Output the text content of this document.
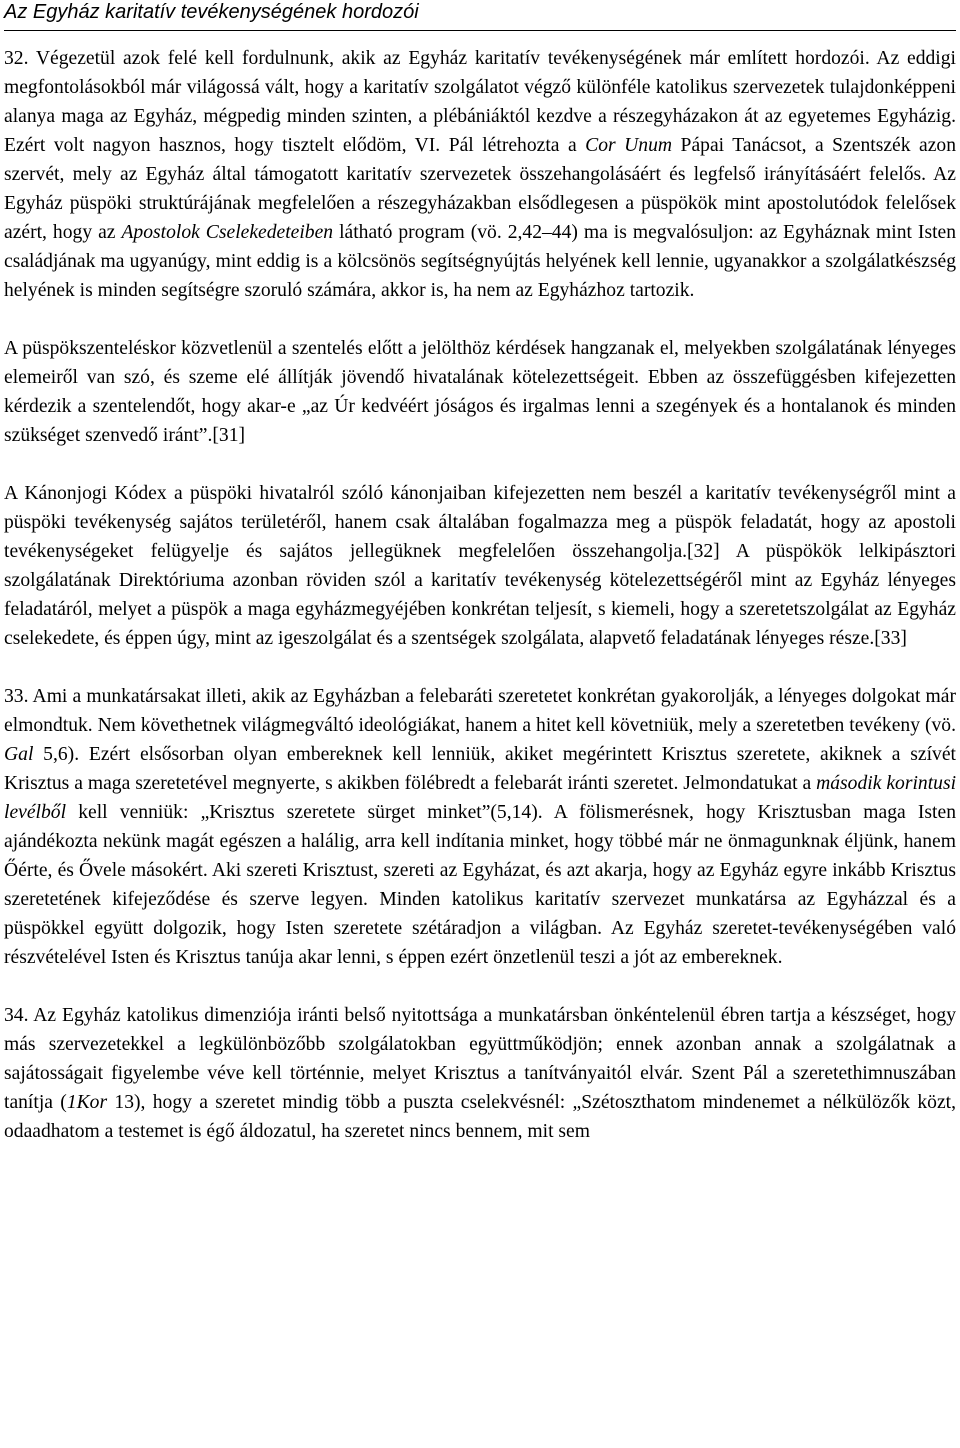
Az Egyház karitatív tevékenységének hordozói

32. Végezetül azok felé kell fordulnunk, akik az Egyház karitatív tevékenységének már említett hordozói. Az eddigi megfontolásokból már világossá vált, hogy a karitatív szolgálatot végző különféle katolikus szervezetek tulajdonképpeni alanya maga az Egyház, mégpedig minden szinten, a plébániáktól kezdve a részegyházakon át az egyetemes Egyházig. Ezért volt nagyon hasznos, hogy tisztelt elődöm, VI. Pál létrehozta a Cor Unum Pápai Tanácsot, a Szentszék azon szervét, mely az Egyház által támogatott karitatív szervezetek összehangolásáért és legfelső irányításáért felelős. Az Egyház püspöki struktúrájának megfelelően a részegyházakban elsődlegesen a püspökök mint apostolutódok felelősek azért, hogy az Apostolok Cselekedeteiben látható program (vö. 2,42–44) ma is megvalósuljon: az Egyháznak mint Isten családjának ma ugyanúgy, mint eddig is a kölcsönös segítségnyújtás helyének kell lennie, ugyanakkor a szolgálatkészség helyének is minden segítségre szoruló számára, akkor is, ha nem az Egyházhoz tartozik.

A püspökszenteléskor közvetlenül a szentelés előtt a jelölthöz kérdések hangzanak el, melyekben szolgálatának lényeges elemeiről van szó, és szeme elé állítják jövendő hivatalának kötelezettségeit. Ebben az összefüggésben kifejezetten kérdezik a szentelendőt, hogy akar-e „az Úr kedvéért jóságos és irgalmas lenni a szegények és a hontalanok és minden szükséget szenvedő iránt”.[31]

A Kánonjogi Kódex a püspöki hivatalról szóló kánonjaiban kifejezetten nem beszél a karitatív tevékenységről mint a püspöki tevékenység sajátos területéről, hanem csak általában fogalmazza meg a püspök feladatát, hogy az apostoli tevékenységeket felügyelje és sajátos jellegüknek megfelelően összehangolja.[32] A püspökök lelkipásztori szolgálatának Direktóriuma azonban röviden szól a karitatív tevékenység kötelezettségéről mint az Egyház lényeges feladatáról, melyet a püspök a maga egyházmegyéjében konkrétan teljesít, s kiemeli, hogy a szeretetszolgálat az Egyház cselekedete, és éppen úgy, mint az igeszolgálat és a szentségek szolgálata, alapvető feladatának lényeges része.[33]

33. Ami a munkatársakat illeti, akik az Egyházban a felebaráti szeretetet konkrétan gyakorolják, a lényeges dolgokat már elmondtuk. Nem követhetnek világmegváltó ideológiákat, hanem a hitet kell követniük, mely a szeretetben tevékeny (vö. Gal 5,6). Ezért elsősorban olyan embereknek kell lenniük, akiket megérintett Krisztus szeretete, akiknek a szívét Krisztus a maga szeretetével megnyerte, s akikben fölébredt a felebarát iránti szeretet. Jelmondatukat a második korintusi levélből kell venniük: „Krisztus szeretete sürget minket”(5,14). A fölismerésnek, hogy Krisztusban maga Isten ajándékozta nekünk magát egészen a halálig, arra kell indítania minket, hogy többé már ne önmagunknak éljünk, hanem Őérte, és Ővele másokért. Aki szereti Krisztust, szereti az Egyházat, és azt akarja, hogy az Egyház egyre inkább Krisztus szeretetének kifejeződése és szerve legyen. Minden katolikus karitatív szervezet munkatársa az Egyházzal és a püspökkel együtt dolgozik, hogy Isten szeretete szétáradjon a világban. Az Egyház szeretet-tevékenységében való részvételével Isten és Krisztus tanúja akar lenni, s éppen ezért önzetlenül teszi a jót az embereknek.

34. Az Egyház katolikus dimenziója iránti belső nyitottsága a munkatársban önkéntelenül ébren tartja a készséget, hogy más szervezetekkel a legkülönbözőbb szolgálatokban együttműködjön; ennek azonban annak a szolgálatnak a sajátosságait figyelembe véve kell történnie, melyet Krisztus a tanítványaitól elvár. Szent Pál a szeretethimnuszában tanítja (1Kor 13), hogy a szeretet mindig több a puszta cselekvésnél: „Szétoszthatom mindenemet a nélkülözők közt, odaadhatom a testemet is égő áldozatul, ha szeretet nincs bennem, mit sem
